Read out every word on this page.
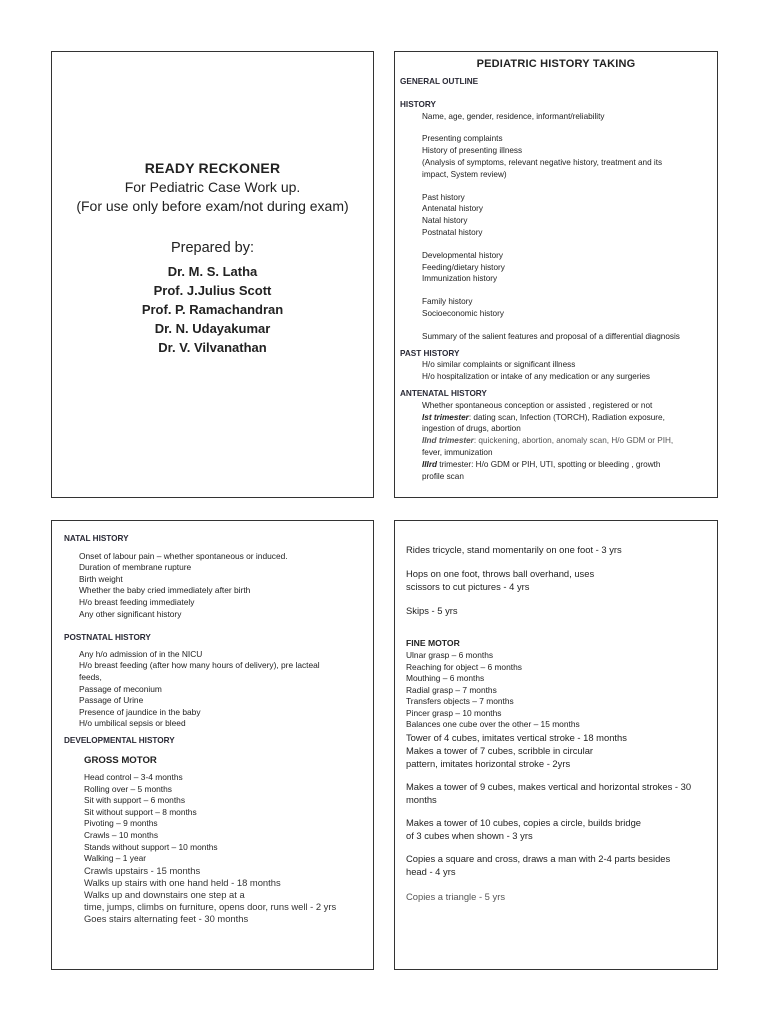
READY RECKONER
For Pediatric Case Work up.
(For use only before exam/not during exam)
Prepared by:
Dr. M. S. Latha
Prof. J.Julius Scott
Prof. P. Ramachandran
Dr. N. Udayakumar
Dr. V. Vilvanathan
PEDIATRIC HISTORY TAKING
GENERAL OUTLINE
HISTORY
Name, age, gender, residence, informant/reliability
Presenting complaints
History of presenting illness
(Analysis of symptoms, relevant negative history, treatment and its
impact, System review)
Past history
Antenatal history
Natal history
Postnatal history
Developmental history
Feeding/dietary history
Immunization history
Family history
Socioeconomic history
Summary of the salient features and proposal of a differential diagnosis
PAST HISTORY
H/o similar complaints or significant illness
H/o hospitalization or intake of any medication or any surgeries
ANTENATAL HISTORY
Whether spontaneous conception or assisted , registered or not
Ist trimester: dating scan, Infection (TORCH), Radiation exposure,
ingestion of drugs, abortion
IInd trimester: quickening, abortion, anomaly scan, H/o GDM or PIH,
fever, immunization
IIIrd trimester: H/o GDM or PIH, UTI, spotting or bleeding , growth
profile scan
NATAL HISTORY
Onset of labour pain – whether spontaneous or induced.
Duration of membrane rupture
Birth weight
Whether the baby cried immediately after birth
H/o breast feeding immediately
Any other significant history
POSTNATAL HISTORY
Any h/o admission of in the NICU
H/o breast feeding (after how many hours of delivery), pre lacteal
feeds,
Passage of meconium
Passage of Urine
Presence of jaundice in the baby
H/o umbilical sepsis or bleed
DEVELOPMENTAL HISTORY
GROSS MOTOR
Head control – 3-4 months
Rolling over – 5 months
Sit with support – 6 months
Sit without support – 8 months
Pivoting – 9 months
Crawls – 10 months
Stands without support – 10 months
Walking – 1 year
Crawls upstairs - 15 months
Walks up stairs with one hand held - 18 months
Walks up and downstairs one step at a
time, jumps, climbs on furniture, opens door, runs well - 2 yrs
Goes stairs alternating feet - 30 months
Rides tricycle, stand momentarily on one foot - 3 yrs
Hops on one foot, throws ball overhand, uses
scissors to cut pictures - 4 yrs
Skips - 5 yrs
FINE MOTOR
Ulnar grasp – 6 months
Reaching for object – 6 months
Mouthing – 6 months
Radial grasp – 7 months
Transfers objects – 7 months
Pincer grasp – 10 months
Balances one cube over the other – 15 months
Tower of 4 cubes, imitates vertical stroke - 18 months
Makes a tower of 7 cubes, scribble in circular
pattern, imitates horizontal stroke - 2yrs
Makes a tower of 9 cubes, makes vertical and horizontal strokes - 30
months
Makes a tower of 10 cubes, copies a circle, builds bridge
of 3 cubes when shown - 3 yrs
Copies a square and cross, draws a man with 2-4 parts besides
head - 4 yrs
Copies a triangle - 5 yrs
